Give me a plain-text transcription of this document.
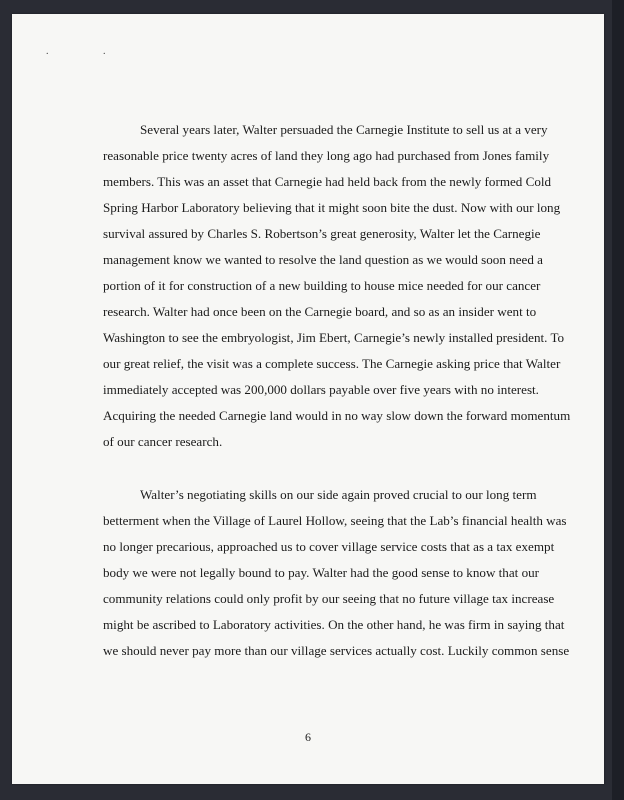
. .
Several years later, Walter persuaded the Carnegie Institute to sell us at a very
reasonable price twenty acres of land they long ago had purchased from Jones family
members. This was an asset that Carnegie had held back from the newly formed Cold
Spring Harbor Laboratory believing that it might soon bite the dust. Now with our long
survival assured by Charles S. Robertson’s great generosity, Walter let the Carnegie
management know we wanted to resolve the land question as we would soon need a
portion of it for construction of a new building to house mice needed for our cancer
research. Walter had once been on the Carnegie board, and so as an insider went to
Washington to see the embryologist, Jim Ebert, Carnegie’s newly installed president. To
our great relief, the visit was a complete success. The Carnegie asking price that Walter
immediately accepted was 200,000 dollars payable over five years with no interest.
Acquiring the needed Carnegie land would in no way slow down the forward momentum
of our cancer research.
Walter’s negotiating skills on our side again proved crucial to our long term
betterment when the Village of Laurel Hollow, seeing that the Lab’s financial health was
no longer precarious, approached us to cover village service costs that as a tax exempt
body we were not legally bound to pay. Walter had the good sense to know that our
community relations could only profit by our seeing that no future village tax increase
might be ascribed to Laboratory activities. On the other hand, he was firm in saying that
we should never pay more than our village services actually cost. Luckily common sense
6
